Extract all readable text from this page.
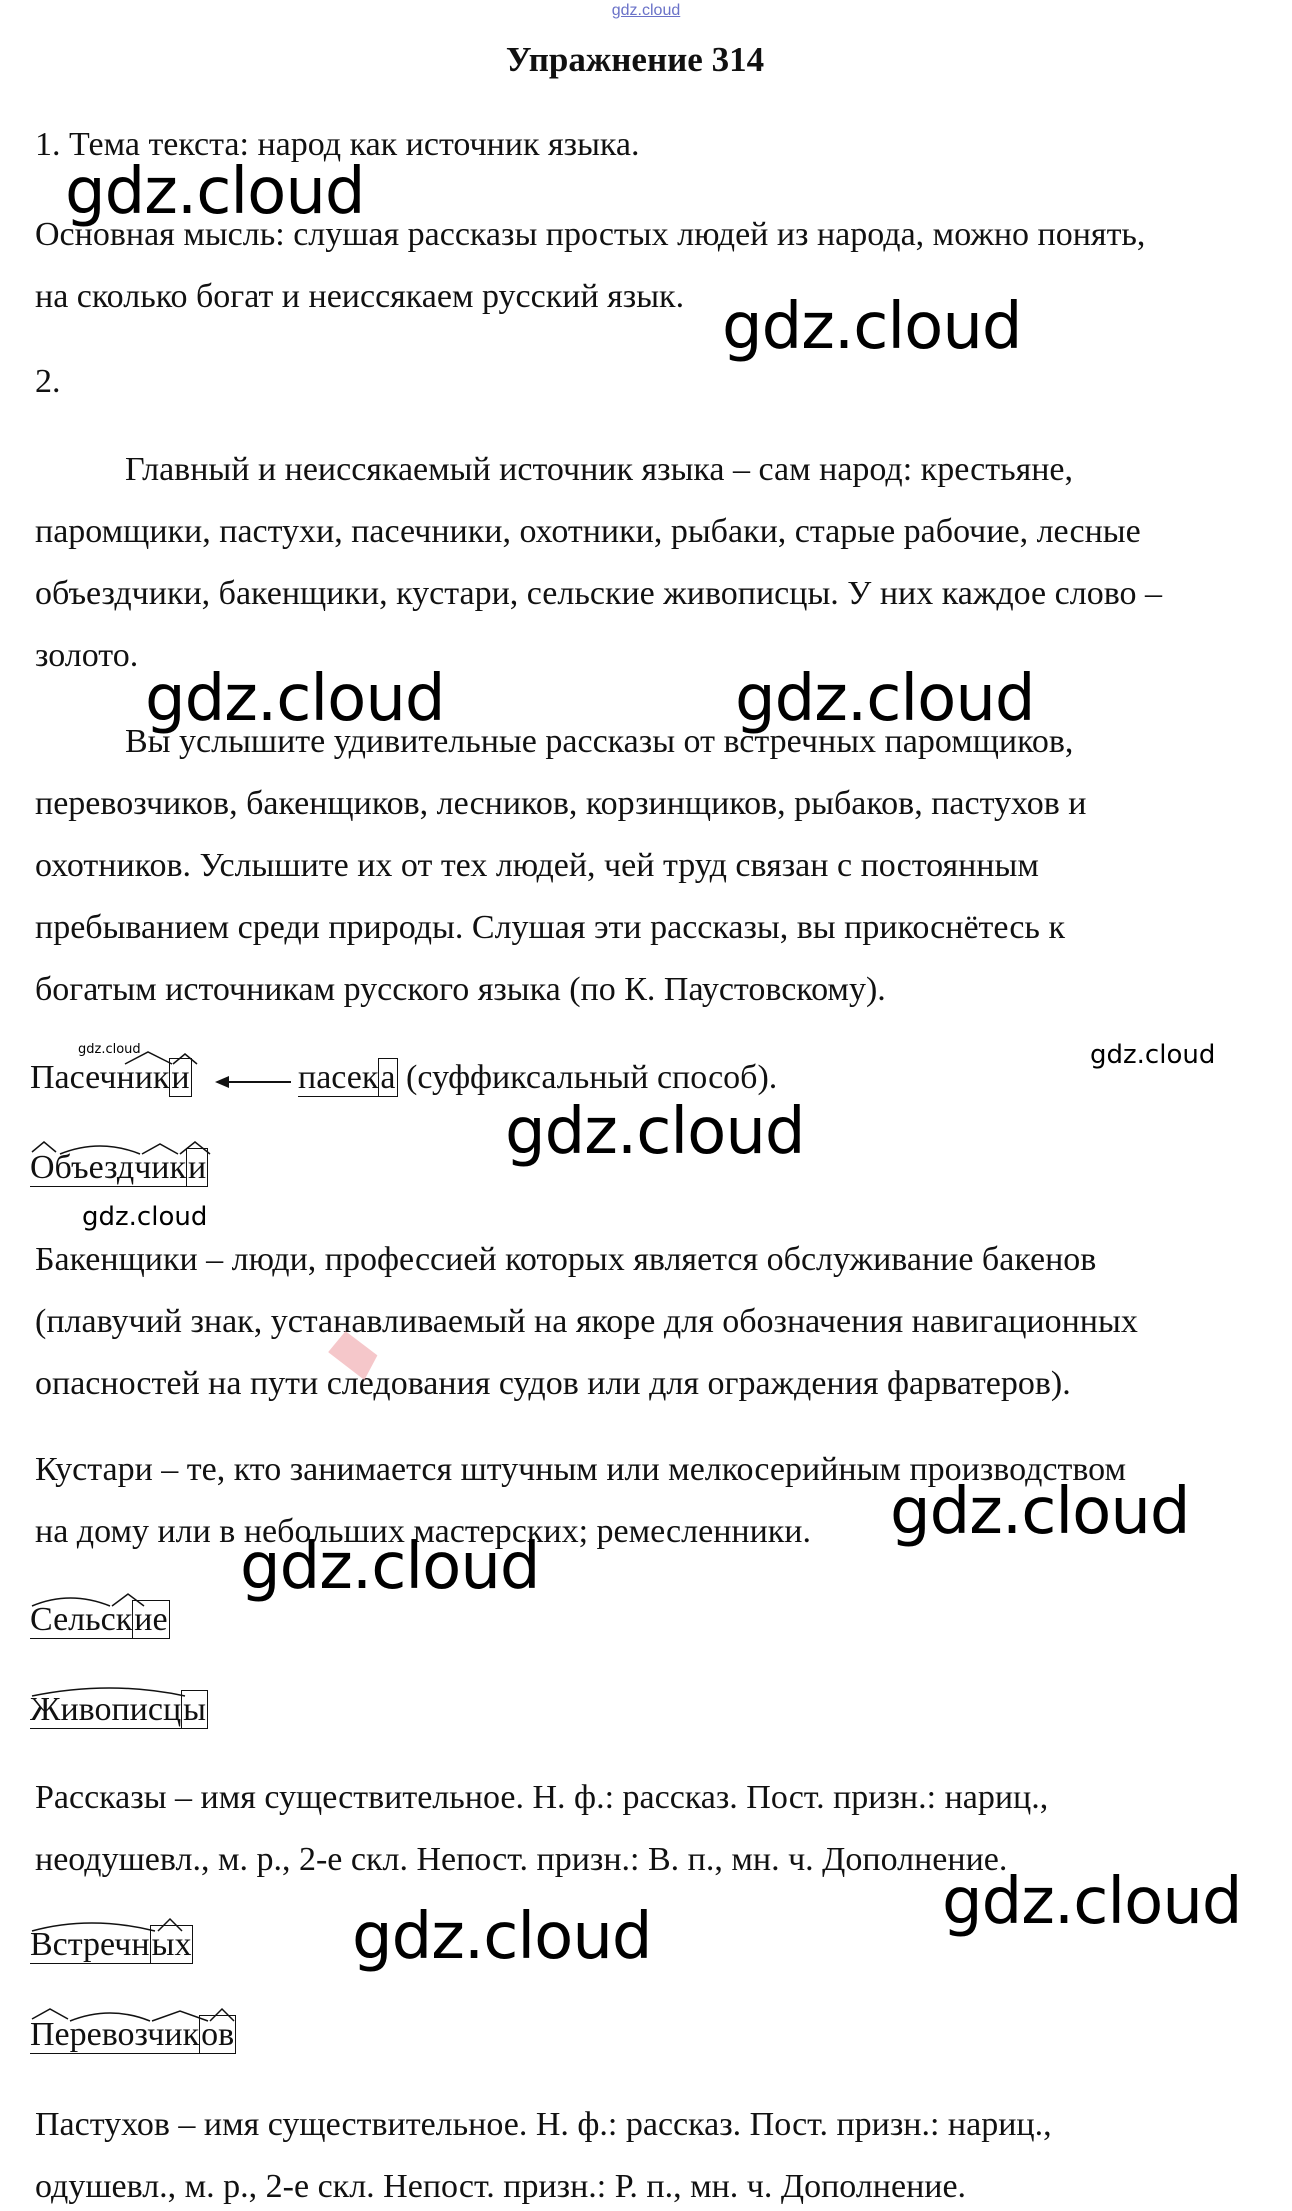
gdz.cloud
Упражнение 314
1. Тема текста: народ как источник языка.
Основная мысль: слушая рассказы простых людей из народа, можно понять,
на сколько богат и неиссякаем русский язык.
2.
Главный и неиссякаемый источник языка – сам народ: крестьяне,
паромщики, пастухи, пасечники, охотники, рыбаки, старые рабочие, лесные
объездчики, бакенщики, кустари, сельские живописцы. У них каждое слово –
золото.
Вы услышите удивительные рассказы от встречных паромщиков,
перевозчиков, бакенщиков, лесников, корзинщиков, рыбаков, пастухов и
охотников. Услышите их от тех людей, чей труд связан с постоянным
пребыванием среди природы. Слушая эти рассказы, вы прикоснётесь к
богатым источникам русского языка (по К. Паустовскому).
Пасечники	пасека (суффиксальный способ).
Объездчики
Бакенщики – люди, профессией которых является обслуживание бакенов
(плавучий знак, устанавливаемый на якоре для обозначения навигационных
опасностей на пути следования судов или для ограждения фарватеров).
Кустари – те, кто занимается штучным или мелкосерийным производством
на дому или в небольших мастерских; ремесленники.
Сельские
Живописцы
Рассказы – имя существительное. Н. ф.: рассказ. Пост. призн.: нариц.,
неодушевл., м. р., 2-е скл. Непост. призн.: В. п., мн. ч. Дополнение.
Встречных
Перевозчиков
Пастухов – имя существительное. Н. ф.: рассказ. Пост. призн.: нариц.,
одушевл., м. р., 2-е скл. Непост. призн.: Р. п., мн. ч. Дополнение.
gdz.cloud
gdz.cloud
gdz.cloud	gdz.cloud
gdz.cloud
gdz.cloud
gdz.cloud
gdz.cloud
gdz.cloud
gdz.cloud
gdz.cloud
gdz.cloud
